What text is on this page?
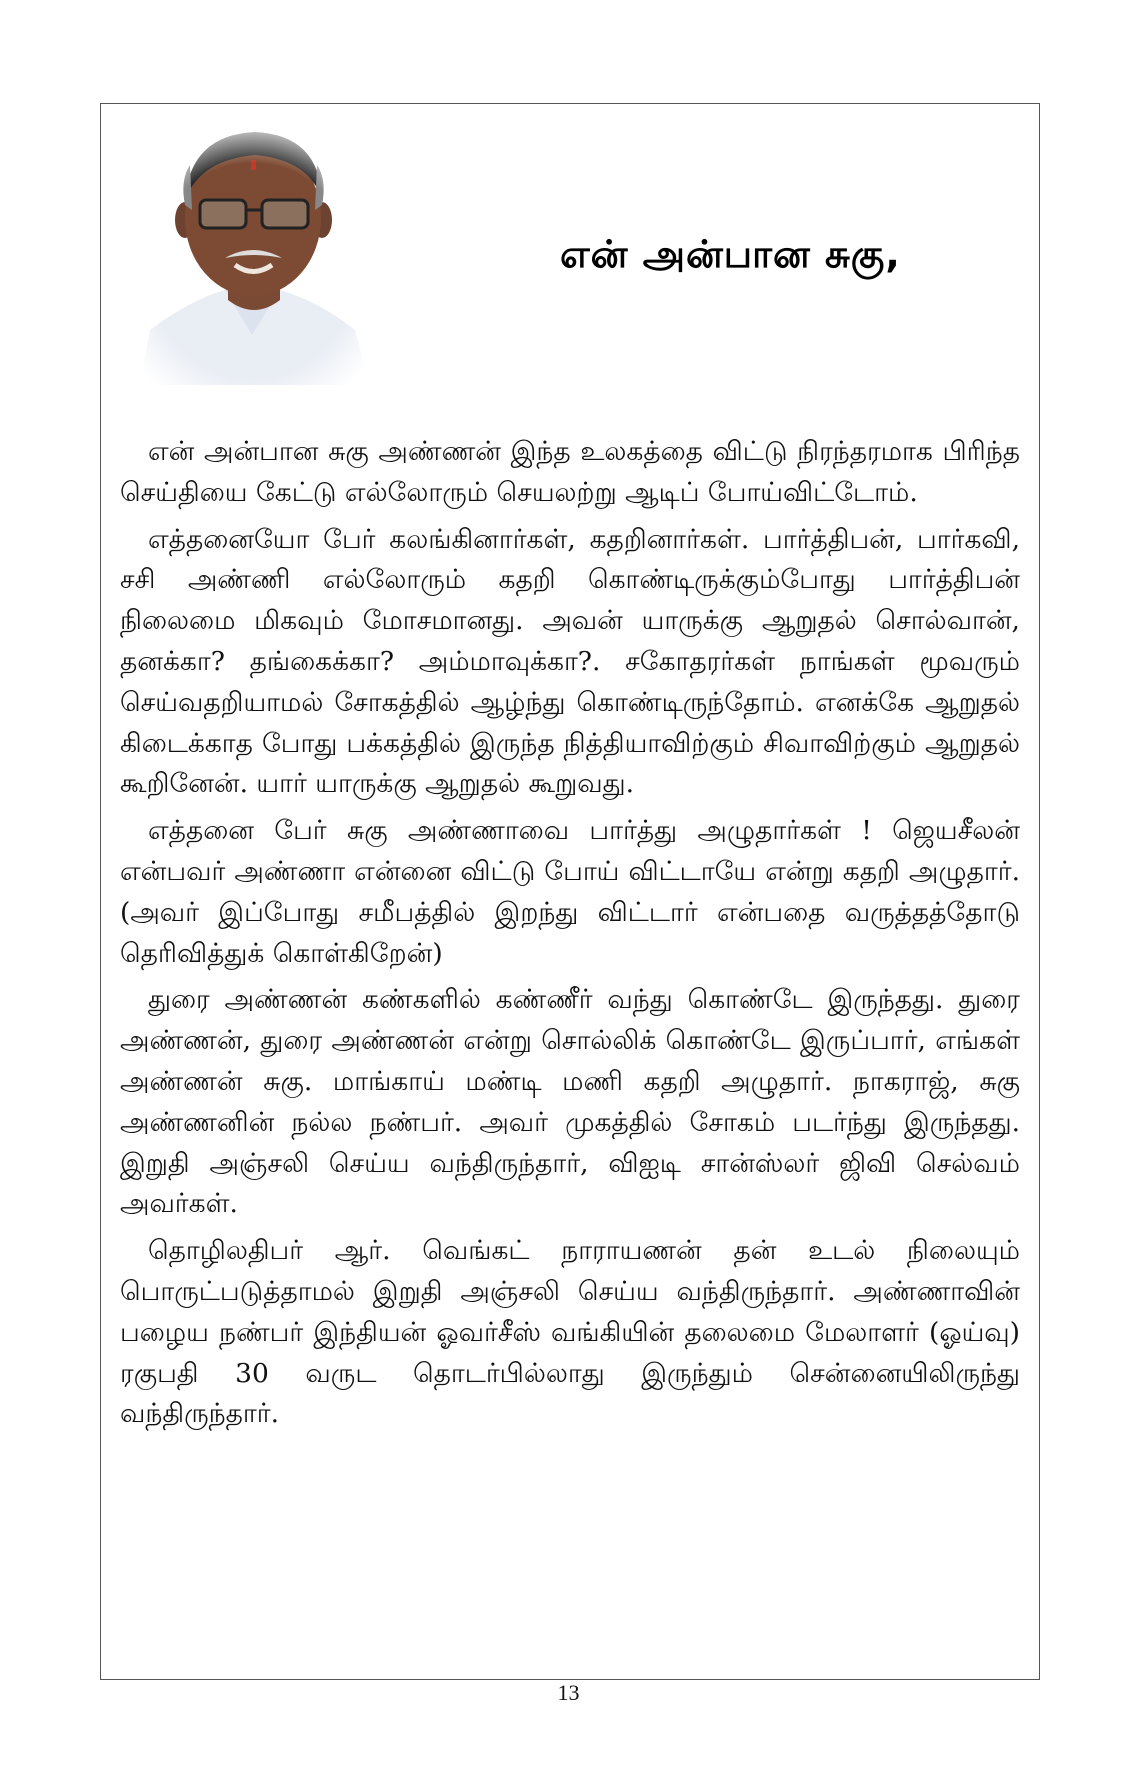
என் அன்பான சுகு,

என் அன்பான சுகு அண்ணன் இந்த உலகத்தை விட்டு நிரந்தரமாக பிரிந்த செய்தியை கேட்டு எல்லோரும் செயலற்று ஆடிப் போய்விட்டோம்.

எத்தனையோ பேர் கலங்கினார்கள், கதறினார்கள். பார்த்திபன், பார்கவி, சசி அண்ணி எல்லோரும் கதறி கொண்டிருக்கும்போது பார்த்திபன் நிலைமை மிகவும் மோசமானது. அவன் யாருக்கு ஆறுதல் சொல்வான், தனக்கா? தங்கைக்கா? அம்மாவுக்கா?. சகோதரர்கள் நாங்கள் மூவரும் செய்வதறியாமல் சோகத்தில் ஆழ்ந்து கொண்டிருந்தோம். எனக்கே ஆறுதல் கிடைக்காத போது பக்கத்தில் இருந்த நித்தியாவிற்கும் சிவாவிற்கும் ஆறுதல் கூறினேன். யார் யாருக்கு ஆறுதல் கூறுவது.

எத்தனை பேர் சுகு அண்ணாவை பார்த்து அழுதார்கள் ! ஜெயசீலன் என்பவர் அண்ணா என்னை விட்டு போய் விட்டாயே என்று கதறி அழுதார். (அவர் இப்போது சமீபத்தில் இறந்து விட்டார் என்பதை வருத்தத்தோடு தெரிவித்துக் கொள்கிறேன்)

துரை அண்ணன் கண்களில் கண்ணீர் வந்து கொண்டே இருந்தது. துரை அண்ணன், துரை அண்ணன் என்று சொல்லிக் கொண்டே இருப்பார், எங்கள் அண்ணன் சுகு. மாங்காய் மண்டி மணி கதறி அழுதார். நாகராஜ், சுகு அண்ணனின் நல்ல நண்பர். அவர் முகத்தில் சோகம் படர்ந்து இருந்தது. இறுதி அஞ்சலி செய்ய வந்திருந்தார், விஐடி சான்ஸ்லர் ஜிவி செல்வம் அவர்கள்.

தொழிலதிபர் ஆர். வெங்கட் நாராயணன் தன் உடல் நிலையும் பொருட்படுத்தாமல் இறுதி அஞ்சலி செய்ய வந்திருந்தார். அண்ணாவின் பழைய நண்பர் இந்தியன் ஓவர்சீஸ் வங்கியின் தலைமை மேலாளர் (ஓய்வு) ரகுபதி 30 வருட தொடர்பில்லாது இருந்தும் சென்னையிலிருந்து வந்திருந்தார்.

13
